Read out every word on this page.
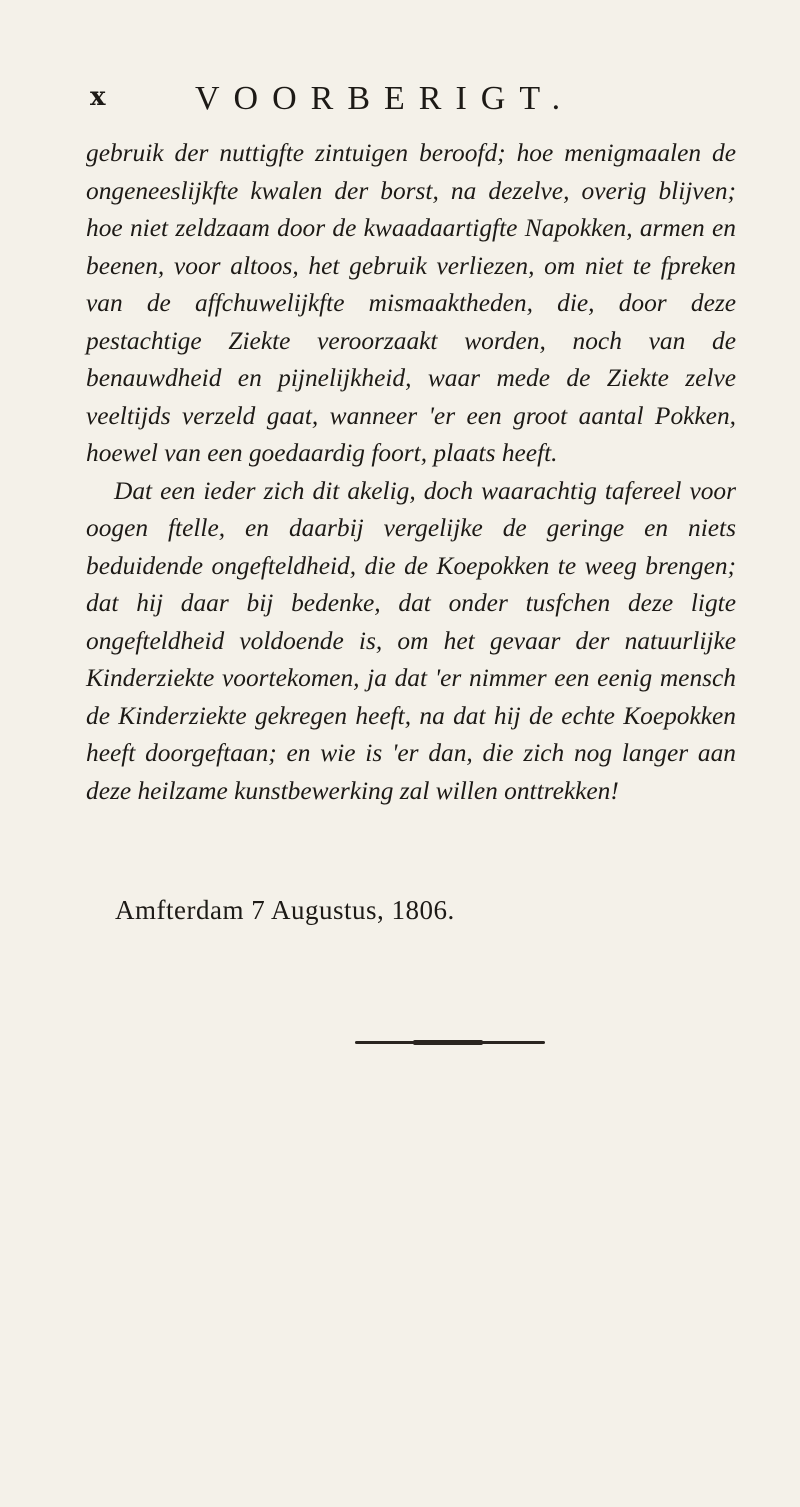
x	VOORBERIGT.

gebruik der nuttigfte zintuigen beroofd; hoe menigmaalen de ongeneeslijkfte kwalen der borst, na dezelve, overig blijven; hoe niet zeldzaam door de kwaadaartigfte Napokken, armen en beenen, voor altoos, het gebruik verliezen, om niet te fpreken van de affchuwelijkfte mismaaktheden, die, door deze pestachtige Ziekte veroorzaakt worden, noch van de benauwdheid en pijnelijkheid, waar mede de Ziekte zelve veeltijds verzeld gaat, wanneer 'er een groot aantal Pokken, hoewel van een goedaardig foort, plaats heeft.

Dat een ieder zich dit akelig, doch waarachtig tafereel voor oogen ftelle, en daarbij vergelijke de geringe en niets beduidende ongefteldheid, die de Koepokken te weeg brengen; dat hij daar bij bedenke, dat onder tusfchen deze ligte ongefteldheid voldoende is, om het gevaar der natuurlijke Kinderziekte voortekomen, ja dat 'er nimmer een eenig mensch de Kinderziekte gekregen heeft, na dat hij de echte Koepokken heeft doorgeftaan; en wie is 'er dan, die zich nog langer aan deze heilzame kunstbewerking zal willen onttrekken!

Amfterdam 7 Augustus, 1806.
